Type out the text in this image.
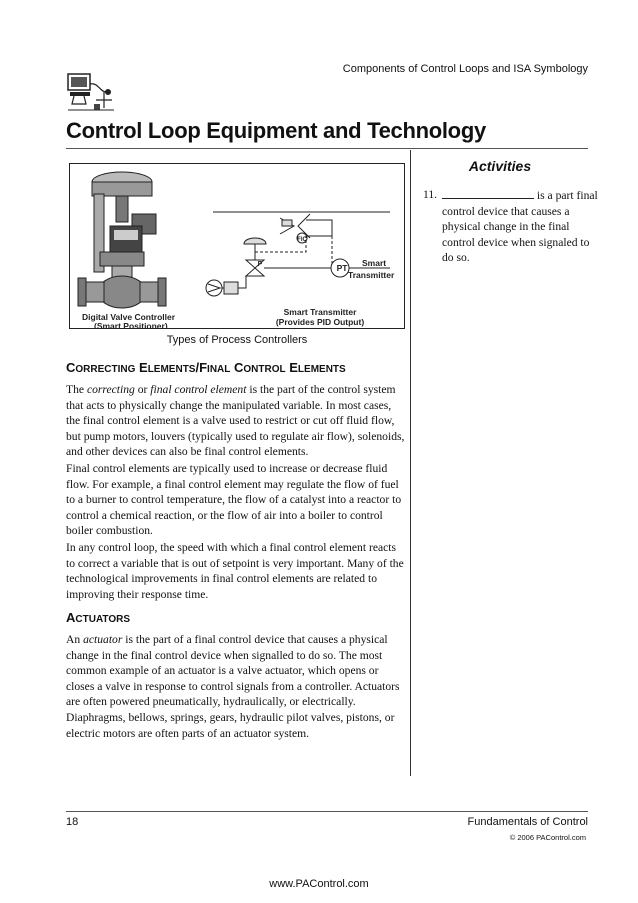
Components of Control Loops and ISA Symbology
Control Loop Equipment and Technology
PT
FIC
P	Smart
Transmitter
Smart Transmitter
(Provides PID Output)
Digital Valve Controller
(Smart Positioner)
Types of Process Controllers
CORRECTING ELEMENTS/FINAL CONTROL ELEMENTS
The correcting or final control element is the part of the control system that acts to physically change the manipulated variable. In most cases, the final control element is a valve used to restrict or cut off fluid flow, but pump motors, louvers (typically used to regulate air flow), solenoids, and other devices can also be final control elements.
Final control elements are typically used to increase or decrease fluid flow. For example, a final control element may regulate the flow of fuel to a burner to control temperature, the flow of a catalyst into a reactor to control a chemical reaction, or the flow of air into a boiler to control boiler combustion.
In any control loop, the speed with which a final control element reacts to correct a variable that is out of setpoint is very important. Many of the technological improvements in final control elements are related to improving their response time.
ACTUATORS
An actuator is the part of a final control device that causes a physical change in the final control device when signalled to do so. The most common example of an actuator is a valve actuator, which opens or closes a valve in response to control signals from a controller. Actuators are often powered pneumatically, hydraulically, or electrically. Diaphragms, bellows, springs, gears, hydraulic pilot valves, pistons, or electric motors are often parts of an actuator system.
Activities
11.	is a part final control device that causes a physical change in the final control device when signaled to do so.
18	Fundamentals of Control
© 2006 PAControl.com
www.PAControl.com
